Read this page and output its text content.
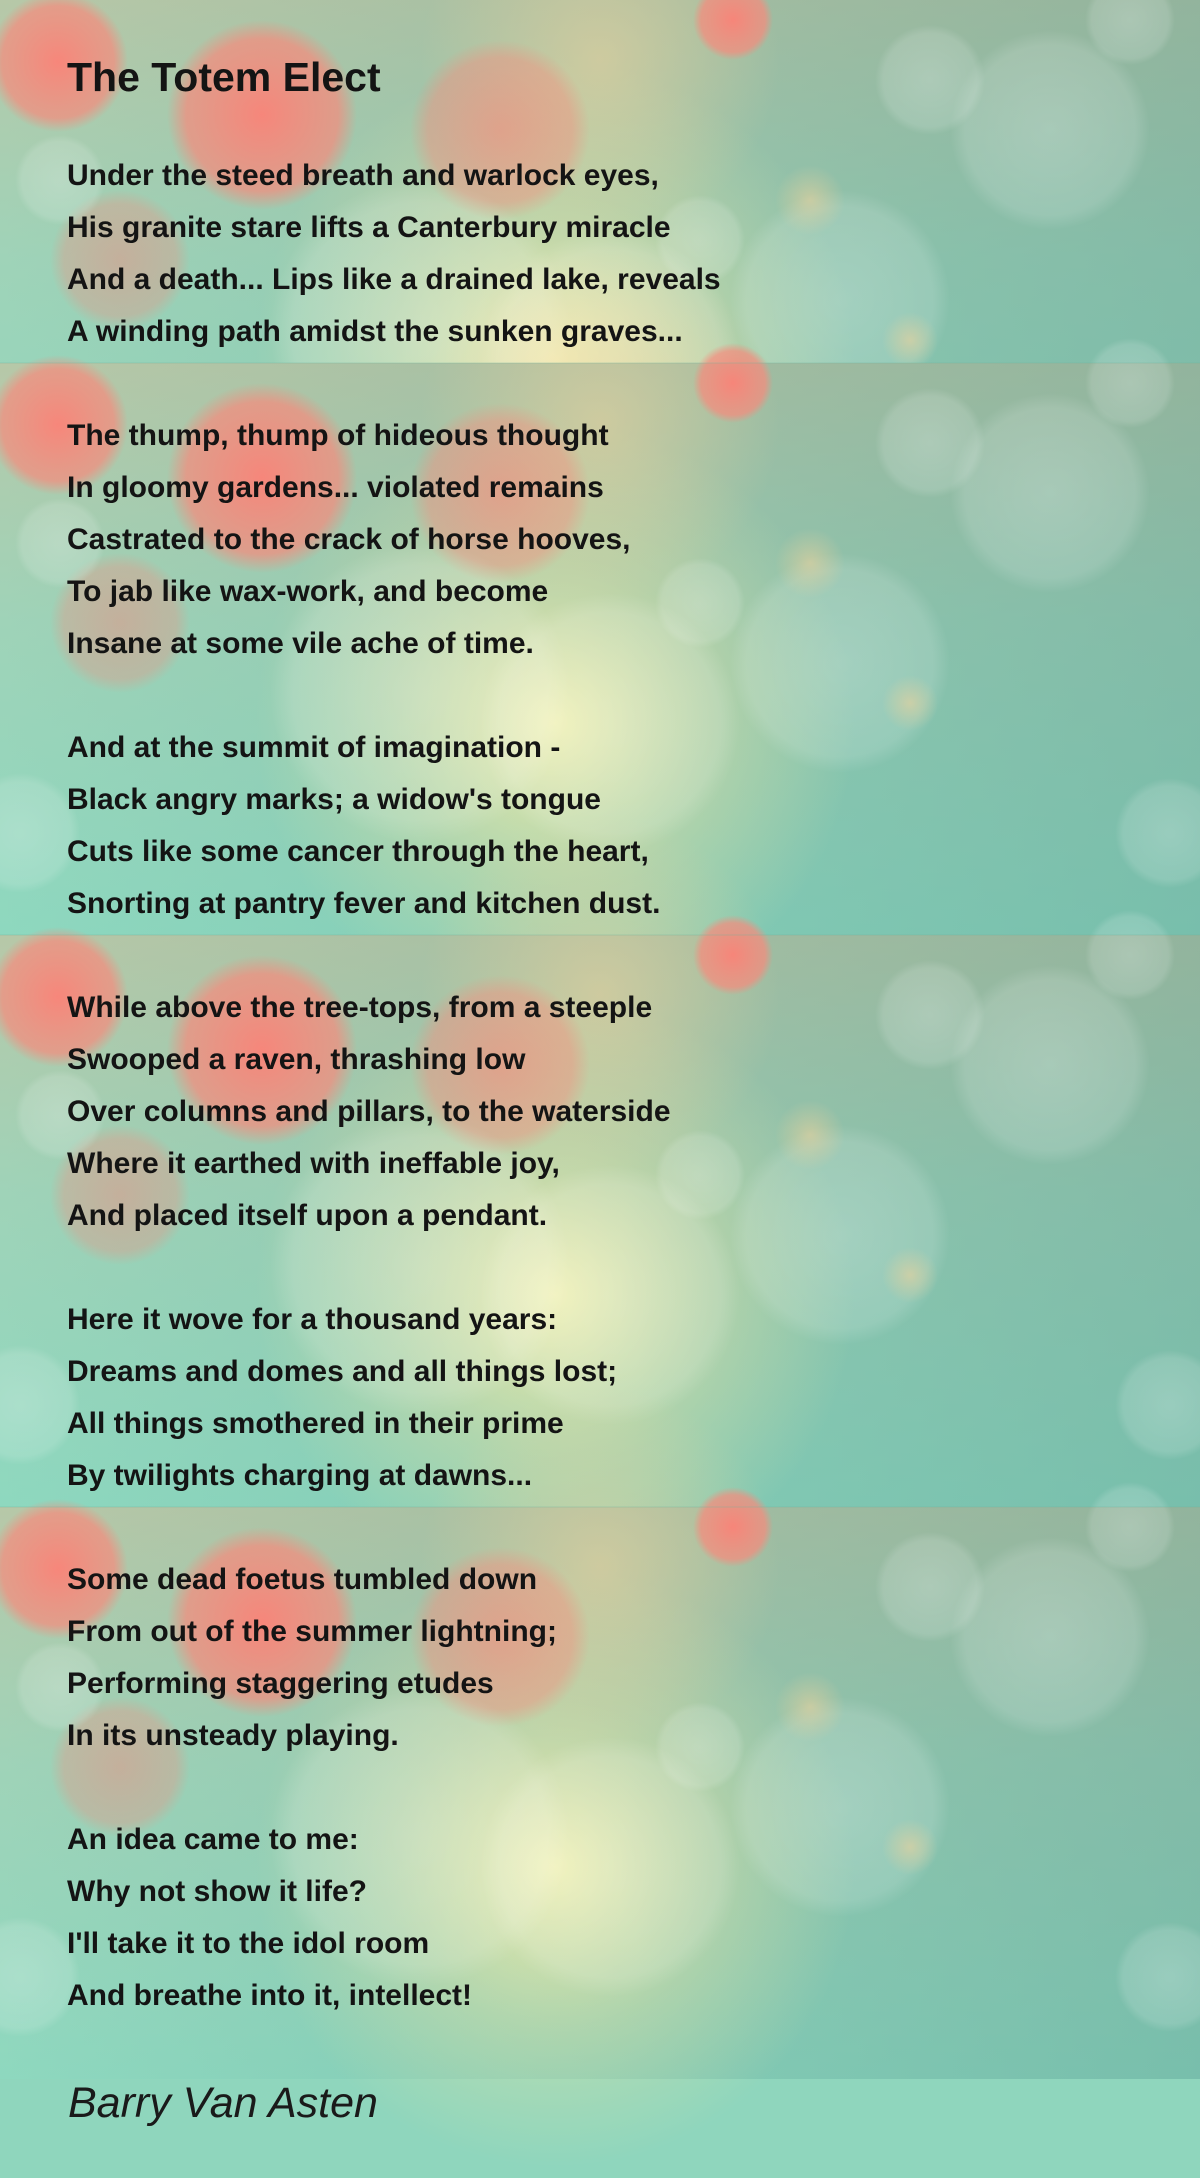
The Totem Elect
Under the steed breath and warlock eyes,
His granite stare lifts a Canterbury miracle
And a death... Lips like a drained lake, reveals
A winding path amidst the sunken graves...
The thump, thump of hideous thought
In gloomy gardens... violated remains
Castrated to the crack of horse hooves,
To jab like wax-work, and become
Insane at some vile ache of time.
And at the summit of imagination -
Black angry marks; a widow's tongue
Cuts like some cancer through the heart,
Snorting at pantry fever and kitchen dust.
While above the tree-tops, from a steeple
Swooped a raven, thrashing low
Over columns and pillars, to the waterside
Where it earthed with ineffable joy,
And placed itself upon a pendant.
Here it wove for a thousand years:
Dreams and domes and all things lost;
All things smothered in their prime
By twilights charging at dawns...
Some dead foetus tumbled down
From out of the summer lightning;
Performing staggering etudes
In its unsteady playing.
An idea came to me:
Why not show it life?
I'll take it to the idol room
And breathe into it, intellect!

Barry Van Asten
